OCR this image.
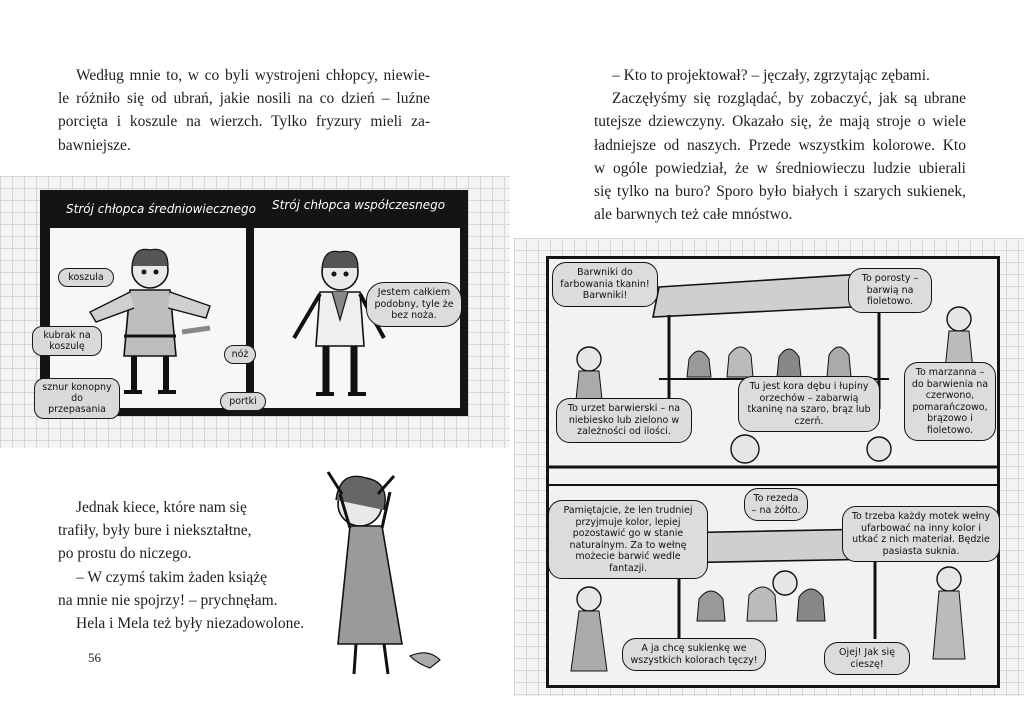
Według mnie to, w co byli wystrojeni chłopcy, niewie-

le różniło się od ubrań, jakie nosili na co dzień – luźne

porcięta i koszule na wierzch. Tylko fryzury mieli za-

bawniejsze.

Strój chłopca średniowiecznego Strój chłopca współczesnego
koszula
kubrak na koszulę
nóż
sznur konopny do przepasania
portki
Jestem całkiem podobny, tyle że bez noża.

Jednak kiece, które nam się

trafiły, były bure i niekształtne,

po prostu do niczego.

– W czymś takim żaden książę

na mnie nie spojrzy! – prychnęłam.

Hela i Mela też były niezadowolone.

56

– Kto to projektował? – jęczały, zgrzytając zębami.

Zaczęłyśmy się rozglądać, by zobaczyć, jak są ubrane

tutejsze dziewczyny. Okazało się, że mają stroje o wiele

ładniejsze od naszych. Przede wszystkim kolorowe. Kto

w ogóle powiedział, że w średniowieczu ludzie ubierali

się tylko na buro? Sporo było białych i szarych sukienek,

ale barwnych też całe mnóstwo.

Barwniki do farbowania tkanin! Barwniki!
To porosty – barwią na fioletowo.
To urzet barwierski – na niebiesko lub zielono w zależności od ilości.
Tu jest kora dębu i łupiny orzechów – zabarwią tkaninę na szaro, brąz lub czerń.
To marzanna – do barwienia na czerwono, pomarańczowo, brązowo i fioletowo.
Pamiętajcie, że len trudniej przyjmuje kolor, lepiej pozostawić go w stanie naturalnym. Za to wełnę możecie barwić wedle fantazji.
To rezeda – na żółto.
To trzeba każdy motek wełny ufarbować na inny kolor i utkać z nich materiał. Będzie pasiasta suknia.
A ja chcę sukienkę we wszystkich kolorach tęczy!
Ojej! Jak się cieszę!
